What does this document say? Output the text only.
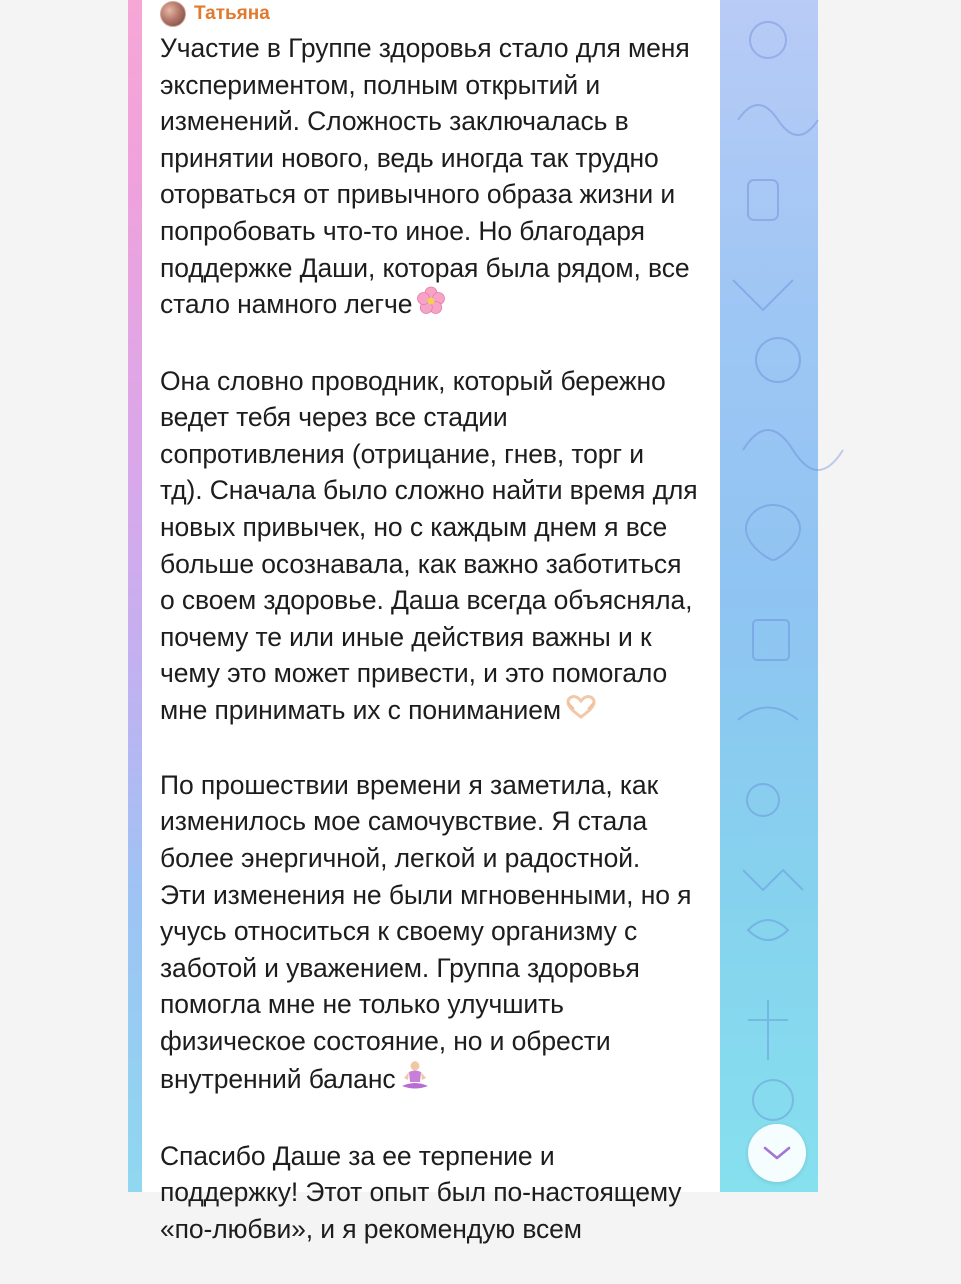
Татьяна
Участие в Группе здоровья стало для меня
экспериментом, полным открытий и
изменений. Сложность заключалась в
принятии нового, ведь иногда так трудно
оторваться от привычного образа жизни и
попробовать что-то иное. Но благодаря
поддержке Даши, которая была рядом, все
стало намного легче
Она словно проводник, который бережно
ведет тебя через все стадии
сопротивления (отрицание, гнев, торг и
тд). Сначала было сложно найти время для
новых привычек, но с каждым днем я все
больше осознавала, как важно заботиться
о своем здоровье. Даша всегда объясняла,
почему те или иные действия важны и к
чему это может привести, и это помогало
мне принимать их с пониманием
По прошествии времени я заметила, как
изменилось мое самочувствие. Я стала
более энергичной, легкой и радостной.
Эти изменения не были мгновенными, но я
учусь относиться к своему организму с
заботой и уважением. Группа здоровья
помогла мне не только улучшить
физическое состояние, но и обрести
внутренний баланс
Спасибо Даше за ее терпение и
поддержку! Этот опыт был по-настоящему
«по-любви», и я рекомендую всем
